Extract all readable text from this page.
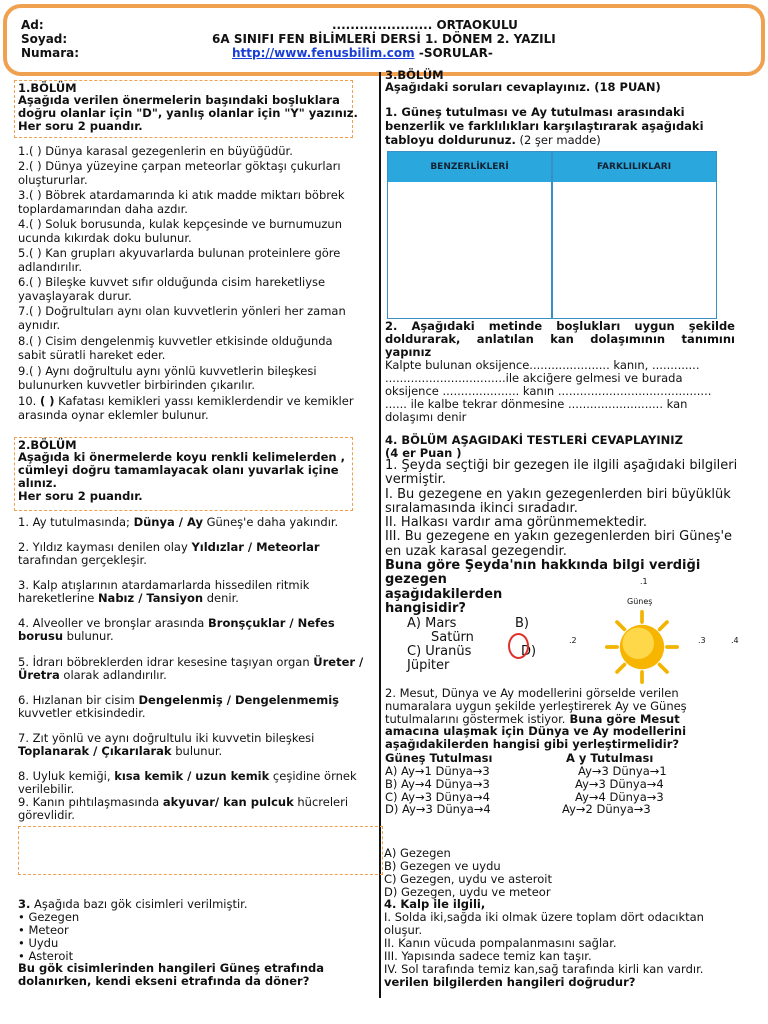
Ad:
Soyad:
Numara:
...................... ORTAOKULU
6A SINIFI FEN BİLİMLERİ DERSİ 1. DÖNEM 2. YAZILI
http://www.fenusbilim.com -SORULAR-
1.BÖLÜM
Aşağıda verilen önermelerin başındaki boşluklara
doğru olanlar için "D", yanlış olanlar için "Y" yazınız.
Her soru 2 puandır.
1.( ) Dünya karasal gezegenlerin en büyüğüdür.
2.( ) Dünya yüzeyine çarpan meteorlar göktaşı çukurları
oluştururlar.
3.( ) Böbrek atardamarında ki atık madde miktarı böbrek
toplardamarından daha azdır.
4.( ) Soluk borusunda, kulak kepçesinde ve burnumuzun
ucunda kıkırdak doku bulunur.
5.( ) Kan grupları akyuvarlarda bulunan proteinlere göre
adlandırılır.
6.( ) Bileşke kuvvet sıfır olduğunda cisim hareketliyse
yavaşlayarak durur.
7.( ) Doğrultuları aynı olan kuvvetlerin yönleri her zaman
aynıdır.
8.( ) Cisim dengelenmiş kuvvetler etkisinde olduğunda
sabit süratli hareket eder.
9.( ) Aynı doğrultulu aynı yönlü kuvvetlerin bileşkesi
bulunurken kuvvetler birbirinden çıkarılır.
10. ( ) Kafatası kemikleri yassı kemiklerdendir ve kemikler
arasında oynar eklemler bulunur.
2.BÖLÜM
Aşağıda ki önermelerde koyu renkli kelimelerden ,
cümleyi doğru tamamlayacak olanı yuvarlak içine
alınız.
Her soru 2 puandır.
1. Ay tutulmasında; Dünya / Ay Güneş'e daha yakındır.
2. Yıldız kayması denilen olay Yıldızlar / Meteorlar
tarafından gerçekleşir.
3. Kalp atışlarının atardamarlarda hissedilen ritmik
hareketlerine Nabız / Tansiyon denir.
4. Alveoller ve bronşlar arasında Bronşçuklar / Nefes
borusu bulunur.
5. İdrarı böbreklerden idrar kesesine taşıyan organ Üreter /
Üretra olarak adlandırılır.
6. Hızlanan bir cisim Dengelenmiş / Dengelenmemiş
kuvvetler etkisindedir.
7. Zıt yönlü ve aynı doğrultulu iki kuvvetin bileşkesi
Toplanarak / Çıkarılarak bulunur.
8. Uyluk kemiği, kısa kemik / uzun kemik çeşidine örnek
verilebilir.
9. Kanın pıhtılaşmasında akyuvar/ kan pulcuk hücreleri
görevlidir.
3. Aşağıda bazı gök cisimleri verilmiştir.
• Gezegen
• Meteor
• Uydu
• Asteroit
Bu gök cisimlerinden hangileri Güneş etrafında
dolanırken, kendi ekseni etrafında da döner?
3.BÖLÜM
Aşağıdaki soruları cevaplayınız. (18 PUAN)
1. Güneş tutulması ve Ay tutulması arasındaki
benzerlik ve farklılıkları karşılaştırarak aşağıdaki
tabloyu doldurunuz. (2 şer madde)
BENZERLİKLERİ	FARKLILIKLARI
2. Aşağıdaki metinde boşlukları uygun şekilde
doldurarak, anlatılan kan dolaşımının tanımını
yapınız
Kalpte bulunan oksijence...................... kanın, .............
.................................ile akciğere gelmesi ve burada
oksijence ..................... kanın ..........................................
...... ile kalbe tekrar dönmesine .......................... kan
dolaşımı denir
4. BÖLÜM AŞAGIDAKİ TESTLERİ CEVAPLAYINIZ
(4 er Puan )
1. Şeyda seçtiği bir gezegen ile ilgili aşağıdaki bilgileri
vermiştir.
I. Bu gezegene en yakın gezegenlerden biri büyüklük
sıralamasında ikinci sıradadır.
II. Halkası vardır ama görünmemektedir.
III. Bu gezegene en yakın gezegenlerden biri Güneş'e
en uzak karasal gezegendir.
Buna göre Şeyda'nın hakkında bilgi verdiği
gezegen
aşağıdakilerden
hangisidir?
A) Mars	B)
Satürn
C) Uranüs	D)
Jüpiter
.1
Güneş
.2	.3	.4
2. Mesut, Dünya ve Ay modellerini görselde verilen
numaralara uygun şekilde yerleştirerek Ay ve Güneş
tutulmalarını göstermek istiyor. Buna göre Mesut
amacına ulaşmak için Dünya ve Ay modellerini
aşağıdakilerden hangisi gibi yerleştirmelidir?
Güneş Tutulması	A y Tutulması
A) Ay→1 Dünya→3	Ay→3 Dünya→1
B) Ay→4 Dünya→3	Ay→3 Dünya→4
C) Ay→3 Dünya→4	Ay→4 Dünya→3
D) Ay→3 Dünya→4	Ay→2 Dünya→3
A) Gezegen
B) Gezegen ve uydu
C) Gezegen, uydu ve asteroit
D) Gezegen, uydu ve meteor
4. Kalp ile ilgili,
I. Solda iki,sağda iki olmak üzere toplam dört odacıktan
oluşur.
II. Kanın vücuda pompalanmasını sağlar.
III. Yapısında sadece temiz kan taşır.
IV. Sol tarafında temiz kan,sağ tarafında kirli kan vardır.
verilen bilgilerden hangileri doğrudur?
